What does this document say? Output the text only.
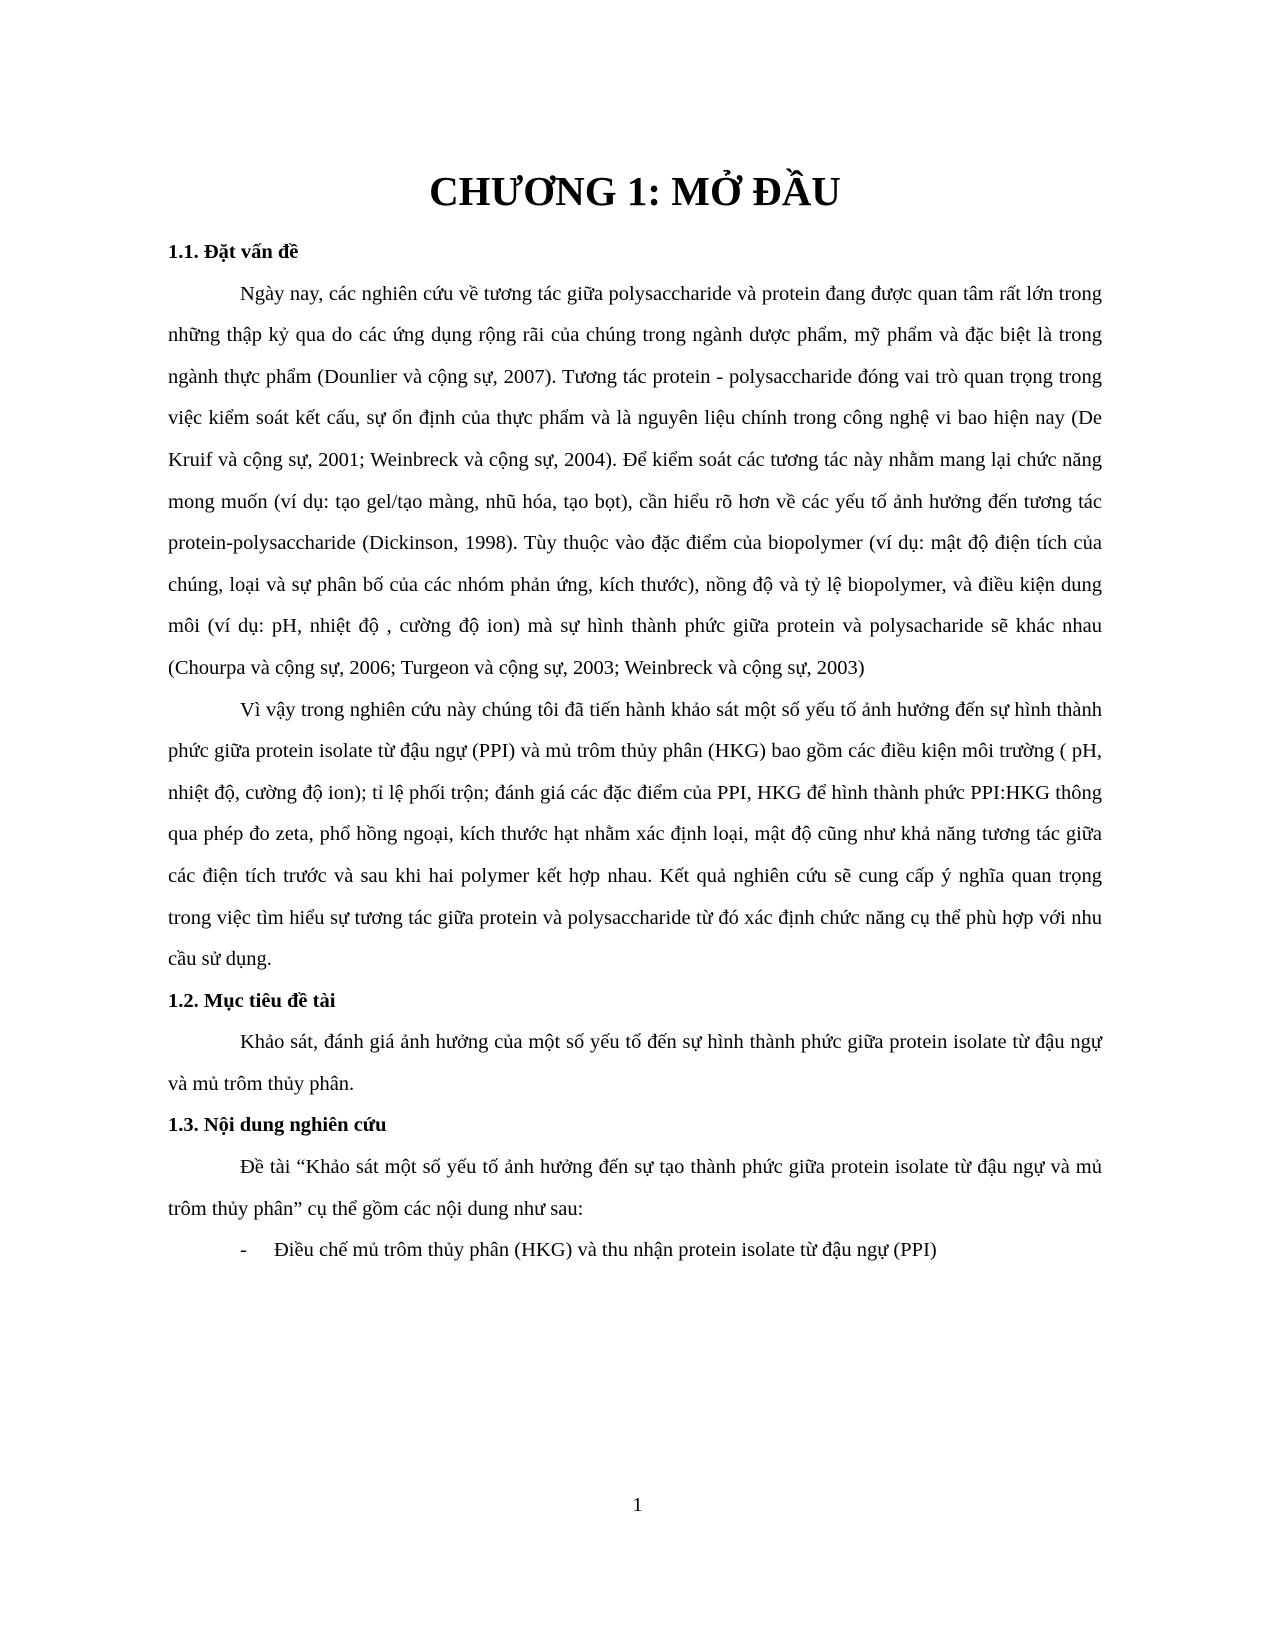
CHƯƠNG 1: MỞ ĐẦU
1.1. Đặt vấn đề

Ngày nay, các nghiên cứu về tương tác giữa polysaccharide và protein đang được quan tâm rất lớn trong những thập kỷ qua do các ứng dụng rộng rãi của chúng trong ngành dược phẩm, mỹ phẩm và đặc biệt là trong ngành thực phẩm (Dounlier và cộng sự, 2007). Tương tác protein - polysaccharide đóng vai trò quan trọng trong việc kiểm soát kết cấu, sự ổn định của thực phẩm và là nguyên liệu chính trong công nghệ vi bao hiện nay (De Kruif và cộng sự, 2001; Weinbreck và cộng sự, 2004). Để kiểm soát các tương tác này nhằm mang lại chức năng mong muốn (ví dụ: tạo gel/tạo màng, nhũ hóa, tạo bọt), cần hiểu rõ hơn về các yếu tố ảnh hưởng đến tương tác protein-polysaccharide (Dickinson, 1998). Tùy thuộc vào đặc điểm của biopolymer (ví dụ: mật độ điện tích của chúng, loại và sự phân bố của các nhóm phản ứng, kích thước), nồng độ và tỷ lệ biopolymer, và điều kiện dung môi (ví dụ: pH, nhiệt độ , cường độ ion) mà sự hình thành phức giữa protein và polysacharide sẽ khác nhau (Chourpa và cộng sự, 2006; Turgeon và cộng sự, 2003; Weinbreck và cộng sự, 2003)

Vì vậy trong nghiên cứu này chúng tôi đã tiến hành khảo sát một số yếu tố ảnh hưởng đến sự hình thành phức giữa protein isolate từ đậu ngự (PPI) và mủ trôm thủy phân (HKG) bao gồm các điều kiện môi trường ( pH, nhiệt độ, cường độ ion); tỉ lệ phối trộn; đánh giá các đặc điểm của PPI, HKG để hình thành phức PPI:HKG thông qua phép đo zeta, phổ hồng ngoại, kích thước hạt nhằm xác định loại, mật độ cũng như khả năng tương tác giữa các điện tích trước và sau khi hai polymer kết hợp nhau. Kết quả nghiên cứu sẽ cung cấp ý nghĩa quan trọng trong việc tìm hiểu sự tương tác giữa protein và polysaccharide từ đó xác định chức năng cụ thể phù hợp với nhu cầu sử dụng.

1.2. Mục tiêu đề tài

Khảo sát, đánh giá ảnh hưởng của một số yếu tố đến sự hình thành phức giữa protein isolate từ đậu ngự và mủ trôm thủy phân.

1.3. Nội dung nghiên cứu

Đề tài “Khảo sát một số yếu tố ảnh hưởng đến sự tạo thành phức giữa protein isolate từ đậu ngự và mủ trôm thủy phân” cụ thể gồm các nội dung như sau:

-	Điều chế mủ trôm thủy phân (HKG) và thu nhận protein isolate từ đậu ngự (PPI)
1
